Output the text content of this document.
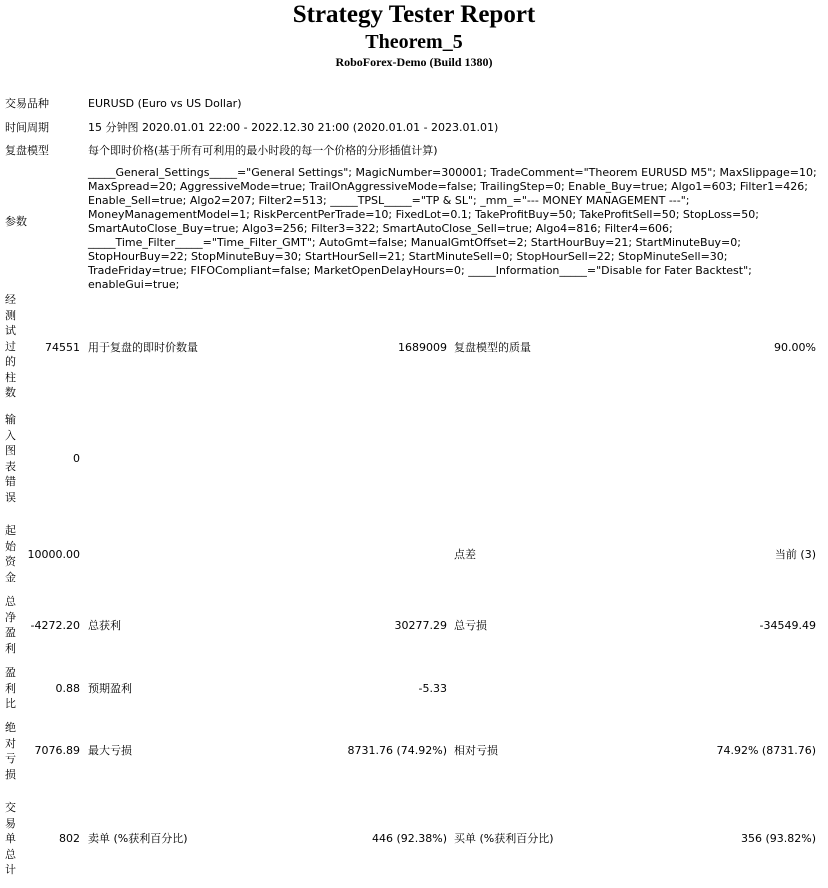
Strategy Tester Report
Theorem_5
RoboForex-Demo (Build 1380)
交易品种	EURUSD (Euro vs US Dollar)
时间周期	15 分钟图 2020.01.01 22:00 - 2022.12.30 21:00 (2020.01.01 - 2023.01.01)
复盘模型	每个即时价格(基于所有可利用的最小时段的每一个价格的分形插值计算)
参数
_____General_Settings_____="General Settings"; MagicNumber=300001; TradeComment="Theorem EURUSD M5"; MaxSlippage=10; MaxSpread=20; AggressiveMode=true; TrailOnAggressiveMode=false; TrailingStep=0; Enable_Buy=true; Algo1=603; Filter1=426; Enable_Sell=true; Algo2=207; Filter2=513; _____TPSL_____="TP & SL"; _mm_="--- MONEY MANAGEMENT ---"; MoneyManagementModel=1; RiskPercentPerTrade=10; FixedLot=0.1; TakeProfitBuy=50; TakeProfitSell=50; StopLoss=50; SmartAutoClose_Buy=true; Algo3=256; Filter3=322; SmartAutoClose_Sell=true; Algo4=816; Filter4=606; _____Time_Filter_____="Time_Filter_GMT"; AutoGmt=false; ManualGmtOffset=2; StartHourBuy=21; StartMinuteBuy=0; StopHourBuy=22; StopMinuteBuy=30; StartHourSell=21; StartMinuteSell=0; StopHourSell=22; StopMinuteSell=30; TradeFriday=true; FIFOCompliant=false; MarketOpenDelayHours=0; _____Information_____="Disable for Fater Backtest"; enableGui=true;
经测试过的柱数
74551 用于复盘的即时价数量	1689009 复盘模型的质量	90.00%
输入图表错误
0
起始资金
10000.00	点差	当前 (3)
总净盈利
-4272.20 总获利	30277.29 总亏损	-34549.49
盈利比
0.88 预期盈利	-5.33
绝对亏损
7076.89 最大亏损	8731.76 (74.92%) 相对亏损	74.92% (8731.76)
交易单总计
802 卖单 (%获利百分比)	446 (92.38%) 买单 (%获利百分比)	356 (93.82%)
